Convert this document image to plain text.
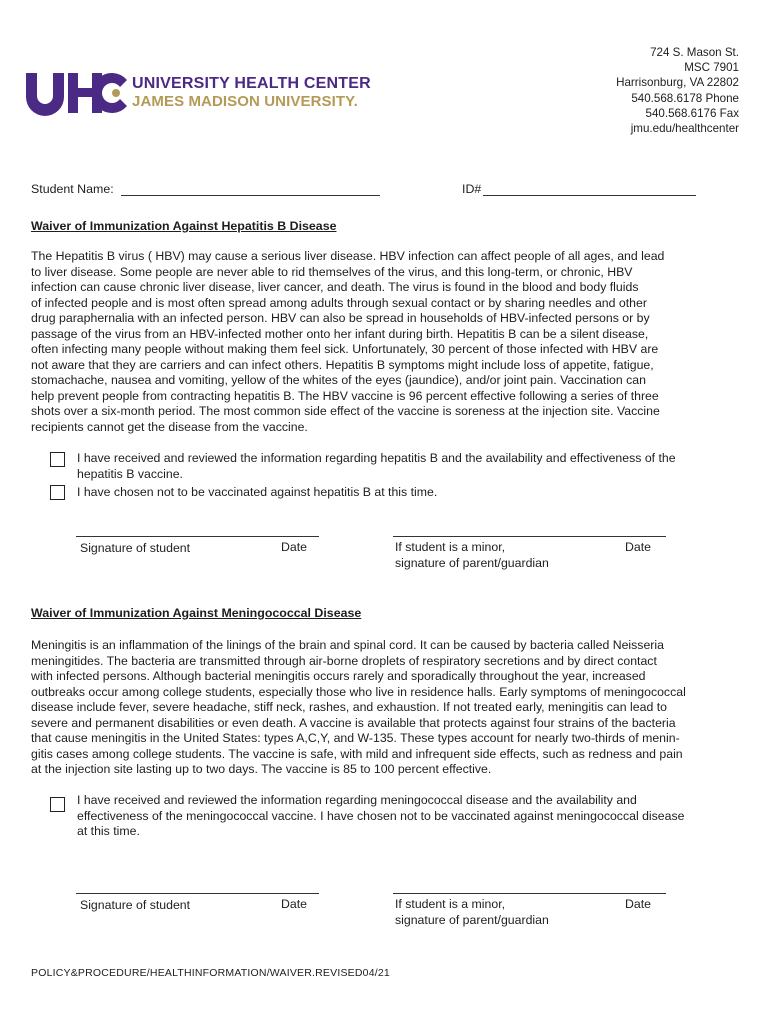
UNIVERSITY HEALTH CENTER
JAMES MADISON UNIVERSITY.
724 S. Mason St.
MSC 7901
Harrisonburg, VA 22802
540.568.6178 Phone
540.568.6176 Fax
jmu.edu/healthcenter
Student Name:	ID#
Waiver of Immunization Against Hepatitis B Disease
The Hepatitis B virus ( HBV) may cause a serious liver disease. HBV infection can affect people of all ages, and lead
to liver disease. Some people are never able to rid themselves of the virus, and this long-term, or chronic, HBV
infection can cause chronic liver disease, liver cancer, and death. The virus is found in the blood and body fluids
of infected people and is most often spread among adults through sexual contact or by sharing needles and other
drug paraphernalia with an infected person. HBV can also be spread in households of HBV-infected persons or by
passage of the virus from an HBV-infected mother onto her infant during birth. Hepatitis B can be a silent disease,
often infecting many people without making them feel sick. Unfortunately, 30 percent of those infected with HBV are
not aware that they are carriers and can infect others. Hepatitis B symptoms might include loss of appetite, fatigue,
stomachache, nausea and vomiting, yellow of the whites of the eyes (jaundice), and/or joint pain. Vaccination can
help prevent people from contracting hepatitis B. The HBV vaccine is 96 percent effective following a series of three
shots over a six-month period. The most common side effect of the vaccine is soreness at the injection site. Vaccine
recipients cannot get the disease from the vaccine.
I have received and reviewed the information regarding hepatitis B and the availability and effectiveness of the
hepatitis B vaccine.
I have chosen not to be vaccinated against hepatitis B at this time.
Signature of student	Date	If student is a minor,
signature of parent/guardian
Date
Waiver of Immunization Against Meningococcal Disease
Meningitis is an inflammation of the linings of the brain and spinal cord. It can be caused by bacteria called Neisseria
meningitides. The bacteria are transmitted through air-borne droplets of respiratory secretions and by direct contact
with infected persons. Although bacterial meningitis occurs rarely and sporadically throughout the year, increased
outbreaks occur among college students, especially those who live in residence halls. Early symptoms of meningococcal
disease include fever, severe headache, stiff neck, rashes, and exhaustion. If not treated early, meningitis can lead to
severe and permanent disabilities or even death. A vaccine is available that protects against four strains of the bacteria
that cause meningitis in the United States: types A,C,Y, and W-135. These types account for nearly two-thirds of menin-
gitis cases among college students. The vaccine is safe, with mild and infrequent side effects, such as redness and pain
at the injection site lasting up to two days. The vaccine is 85 to 100 percent effective.
I have received and reviewed the information regarding meningococcal disease and the availability and
effectiveness of the meningococcal vaccine. I have chosen not to be vaccinated against meningococcal disease
at this time.
Signature of student	Date	If student is a minor,
signature of parent/guardian
Date
POLICY&PROCEDURE/HEALTHINFORMATION/WAIVER.REVISED04/21
